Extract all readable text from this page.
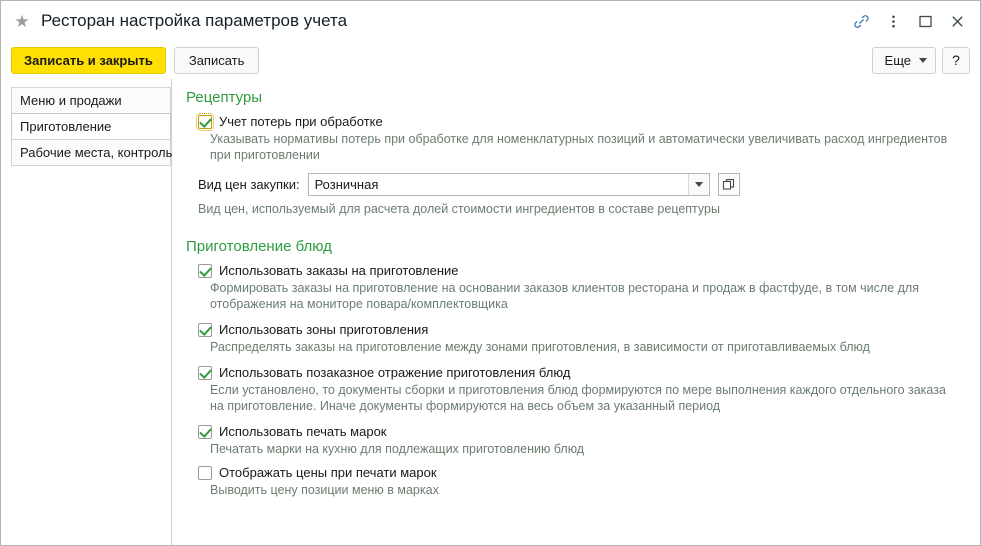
★ Ресторан настройка параметров учета
Записать и закрыть	Записать	Еще	?
Меню и продажи
Приготовление
Рабочие места, контроль
Рецептуры
Учет потерь при обработке
Указывать нормативы потерь при обработке для номенклатурных позиций и автоматически увеличивать расход ингредиентов при приготовлении
Вид цен закупки:	Розничная
Вид цен, используемый для расчета долей стоимости ингредиентов в составе рецептуры
Приготовление блюд
Использовать заказы на приготовление
Формировать заказы на приготовление на основании заказов клиентов ресторана и продаж в фастфуде, в том числе для отображения на мониторе повара/комплектовщика
Использовать зоны приготовления
Распределять заказы на приготовление между зонами приготовления, в зависимости от приготавливаемых блюд
Использовать позаказное отражение приготовления блюд
Если установлено, то документы сборки и приготовления блюд формируются по мере выполнения каждого отдельного заказа на приготовление. Иначе документы формируются на весь объем за указанный период
Использовать печать марок
Печатать марки на кухню для подлежащих приготовлению блюд
Отображать цены при печати марок
Выводить цену позиции меню в марках
